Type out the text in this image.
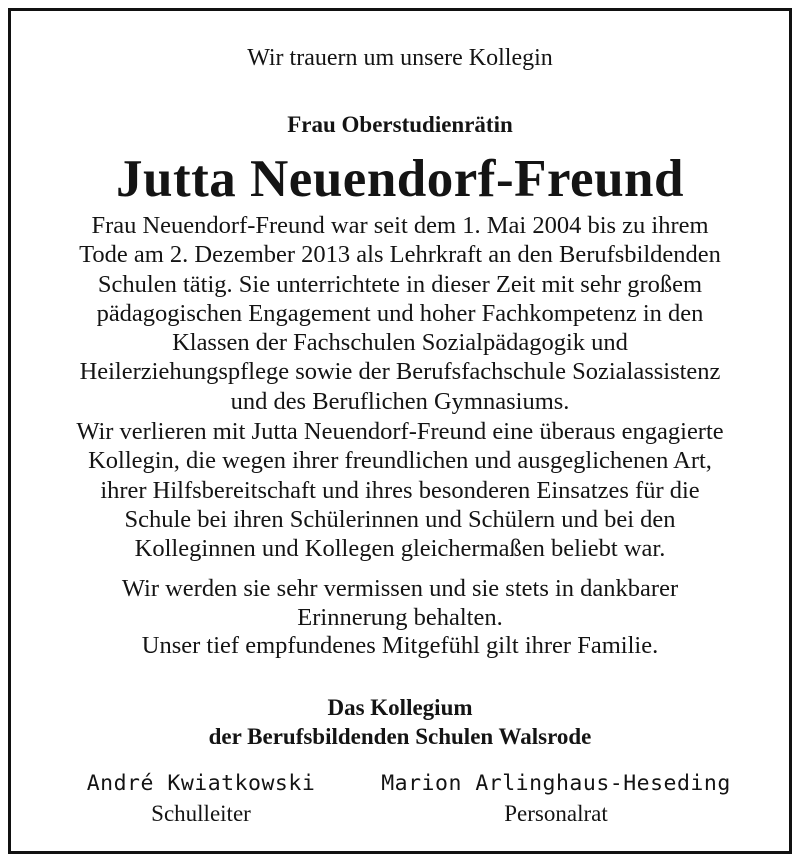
Wir trauern um unsere Kollegin
Frau Oberstudienrätin
Jutta Neuendorf-Freund
Frau Neuendorf-Freund war seit dem 1. Mai 2004 bis zu ihrem
Tode am 2. Dezember 2013 als Lehrkraft an den Berufsbildenden
Schulen tätig. Sie unterrichtete in dieser Zeit mit sehr großem
pädagogischen Engagement und hoher Fachkompetenz in den
Klassen der Fachschulen Sozialpädagogik und
Heilerziehungspflege sowie der Berufsfachschule Sozialassistenz
und des Beruflichen Gymnasiums.
Wir verlieren mit Jutta Neuendorf-Freund eine überaus engagierte
Kollegin, die wegen ihrer freundlichen und ausgeglichenen Art,
ihrer Hilfsbereitschaft und ihres besonderen Einsatzes für die
Schule bei ihren Schülerinnen und Schülern und bei den
Kolleginnen und Kollegen gleichermaßen beliebt war.
Wir werden sie sehr vermissen und sie stets in dankbarer
Erinnerung behalten.
Unser tief empfundenes Mitgefühl gilt ihrer Familie.
Das Kollegium
der Berufsbildenden Schulen Walsrode
André Kwiatkowski
Schulleiter
Marion Arlinghaus-Heseding
Personalrat
